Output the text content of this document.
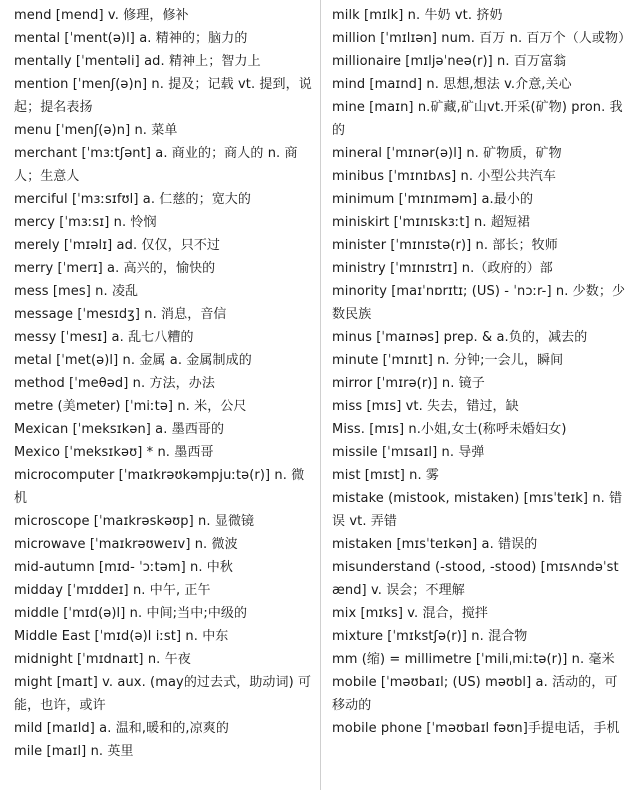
mend [mend] v. 修理，修补
mental [ˈment(ə)l] a. 精神的；脑力的
mentally [ˈmentəli] ad. 精神上；智力上
mention [ˈmenʃ(ə)n] n. 提及；记载 vt. 提到，说起；提名表扬
menu [ˈmenʃ(ə)n] n. 菜单
merchant [ˈmɜːtʃənt] a. 商业的；商人的 n. 商人；生意人
merciful [ˈmɜːsɪfʊl] a. 仁慈的；宽大的
mercy [ˈmɜːsɪ] n. 怜悯
merely [ˈmɪəlɪ] ad. 仅仅，只不过
merry [ˈmerɪ] a. 高兴的，愉快的
mess [mes] n. 凌乱
message [ˈmesɪdʒ] n. 消息，音信
messy [ˈmesɪ] a. 乱七八糟的
metal [ˈmet(ə)l] n. 金属 a. 金属制成的
method [ˈmeθəd] n. 方法，办法
metre (美meter) [ˈmiːtə] n. 米，公尺
Mexican [ˈmeksɪkən] a. 墨西哥的
Mexico [ˈmeksɪkəʊ] * n. 墨西哥
microcomputer [ˈmaɪkrəʊkəmpjuːtə(r)] n. 微机
microscope [ˈmaɪkrəskəʊp] n. 显微镜
microwave [ˈmaɪkrəʊweɪv] n. 微波
mid-autumn [mɪd- ˈɔːtəm] n. 中秋
midday [ˈmɪddeɪ] n. 中午, 正午
middle [ˈmɪd(ə)l] n. 中间;当中;中级的
Middle East [ˈmɪd(ə)l iːst] n. 中东
midnight [ˈmɪdnaɪt] n. 午夜
might [maɪt] v. aux. (may的过去式，助动词) 可能，也许，或许
mild [maɪld] a. 温和,暖和的,凉爽的
mile [maɪl] n. 英里
milk [mɪlk] n. 牛奶 vt. 挤奶
million [ˈmɪlɪən] num. 百万 n. 百万个（人或物）
millionaire [mɪljəˈneə(r)] n. 百万富翁
mind [maɪnd] n. 思想,想法 v.介意,关心
mine [maɪn] n.矿藏,矿山vt.开采(矿物) pron. 我的
mineral [ˈmɪnər(ə)l] n. 矿物质，矿物
minibus [ˈmɪnɪbʌs] n. 小型公共汽车
minimum [ˈmɪnɪməm] a.最小的
miniskirt [ˈmɪnɪskɜːt] n. 超短裙
minister [ˈmɪnɪstə(r)] n. 部长；牧师
ministry [ˈmɪnɪstrɪ] n.（政府的）部
minority [maɪˈnɒrɪtɪ; (US) - ˈnɔːr-] n. 少数；少数民族
minus [ˈmaɪnəs] prep. & a.负的，减去的
minute [ˈmɪnɪt] n. 分钟;一会儿，瞬间
mirror [ˈmɪrə(r)] n. 镜子
miss [mɪs] vt. 失去，错过，缺
Miss. [mɪs] n.小姐,女士(称呼未婚妇女)
missile [ˈmɪsaɪl] n. 导弹
mist [mɪst] n. 雾
mistake (mistook, mistaken) [mɪsˈteɪk] n. 错误 vt. 弄错
mistaken [mɪsˈteɪkən] a. 错误的
misunderstand (-stood, -stood) [mɪsʌndəˈstænd] v. 误会；不理解
mix [mɪks] v. 混合，搅拌
mixture [ˈmɪkstʃə(r)] n. 混合物
mm (缩) = millimetre [ˈmiliˌmiːtə(r)] n. 毫米
mobile [ˈməʊbaɪl; (US) məʊbl] a. 活动的，可移动的
mobile phone [ˈməʊbaɪl fəʊn]手提电话，手机
